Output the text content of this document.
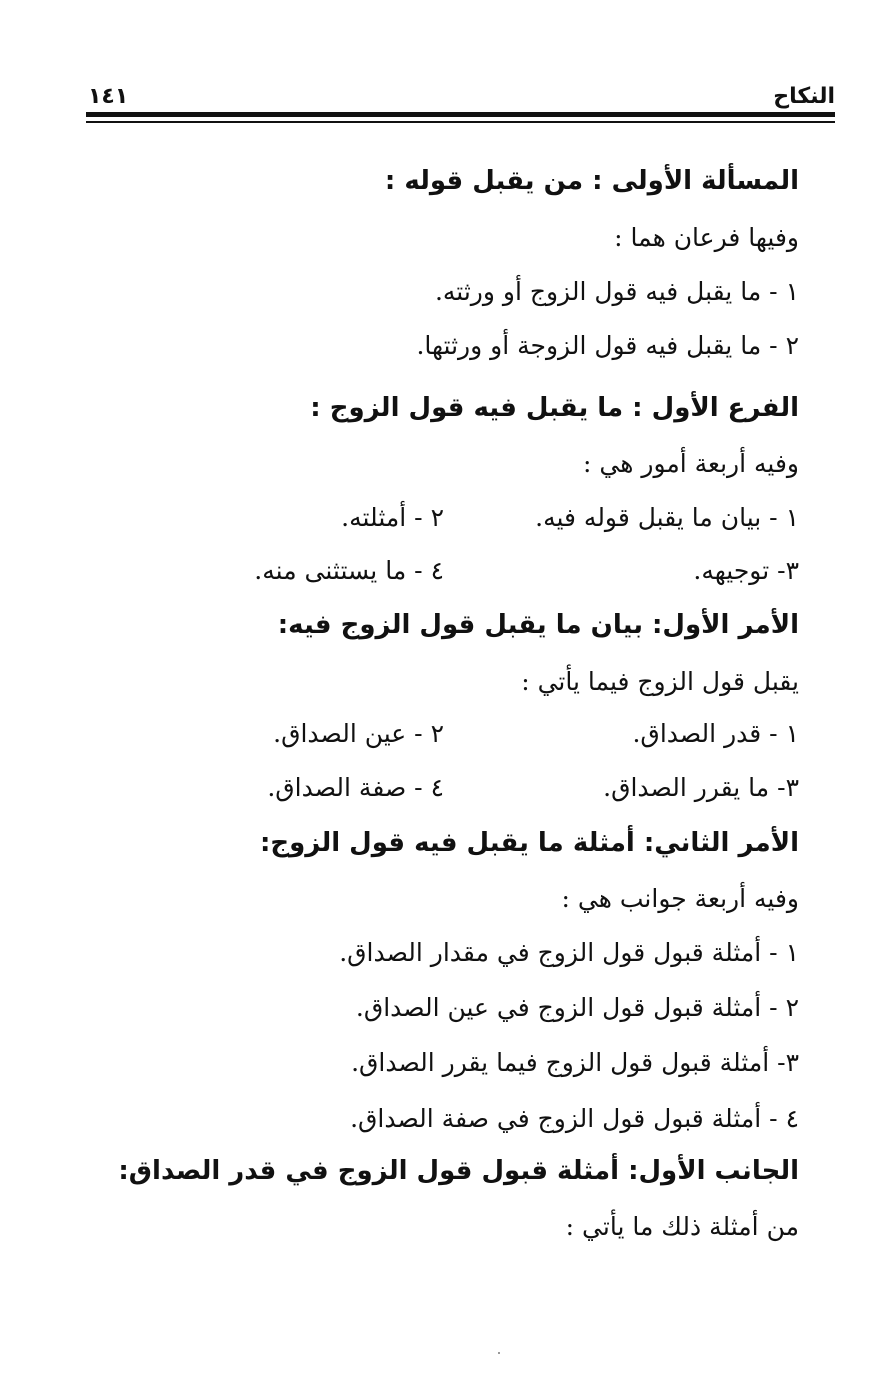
النكاح
١٤١
المسألة الأولى : من يقبل قوله :
وفيها فرعان هما :
١ - ما يقبل فيه قول الزوج أو ورثته.
٢ - ما يقبل فيه قول الزوجة أو ورثتها.
الفرع الأول : ما يقبل فيه قول الزوج :
وفيه أربعة أمور هي :
١ - بيان ما يقبل قوله فيه.
٢ - أمثلته.
٣- توجيهه.
٤ - ما يستثنى منه.
الأمر الأول: بيان ما يقبل قول الزوج فيه:
يقبل قول الزوج فيما يأتي :
١ - قدر الصداق.
٢ - عين الصداق.
٣- ما يقرر الصداق.
٤ - صفة الصداق.
الأمر الثاني: أمثلة ما يقبل فيه قول الزوج:
وفيه أربعة جوانب هي :
١ - أمثلة قبول قول الزوج في مقدار الصداق.
٢ - أمثلة قبول قول الزوج في عين الصداق.
٣- أمثلة قبول قول الزوج فيما يقرر الصداق.
٤ - أمثلة قبول قول الزوج في صفة الصداق.
الجانب الأول: أمثلة قبول قول الزوج في قدر الصداق:
من أمثلة ذلك ما يأتي :
